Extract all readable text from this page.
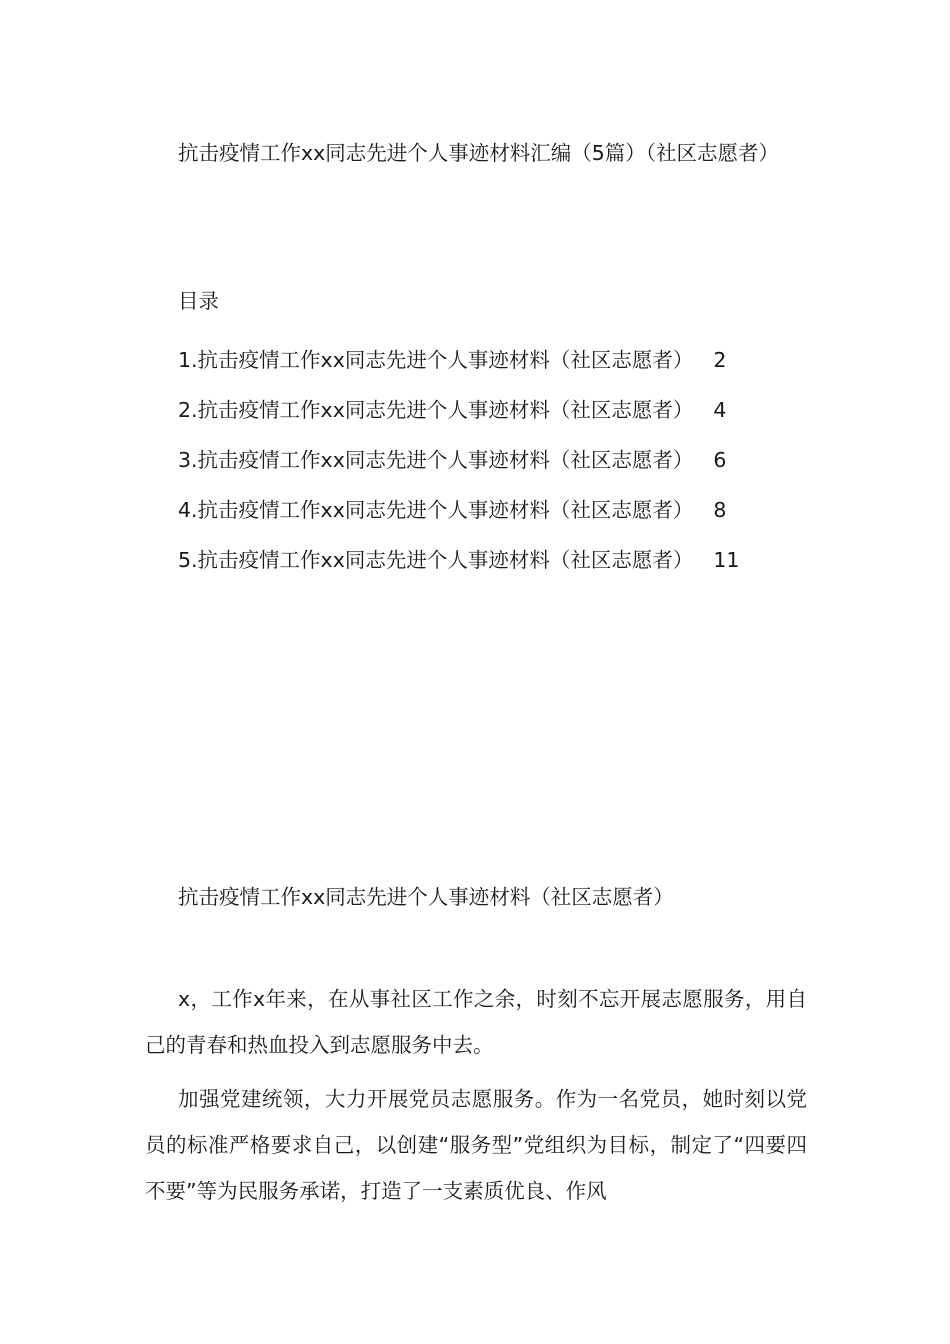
抗击疫情工作xx同志先进个人事迹材料汇编（5篇）（社区志愿者）
目录
1.抗击疫情工作xx同志先进个人事迹材料（社区志愿者） 2
2.抗击疫情工作xx同志先进个人事迹材料（社区志愿者） 4
3.抗击疫情工作xx同志先进个人事迹材料（社区志愿者） 6
4.抗击疫情工作xx同志先进个人事迹材料（社区志愿者） 8
5.抗击疫情工作xx同志先进个人事迹材料（社区志愿者） 11
抗击疫情工作xx同志先进个人事迹材料（社区志愿者）

x，工作x年来，在从事社区工作之余，时刻不忘开展志愿服务，用自己的青春和热血投入到志愿服务中去。

加强党建统领，大力开展党员志愿服务。作为一名党员，她时刻以党员的标准严格要求自己，以创建“服务型”党组织为目标，制定了“四要四不要”等为民服务承诺，打造了一支素质优良、作风
